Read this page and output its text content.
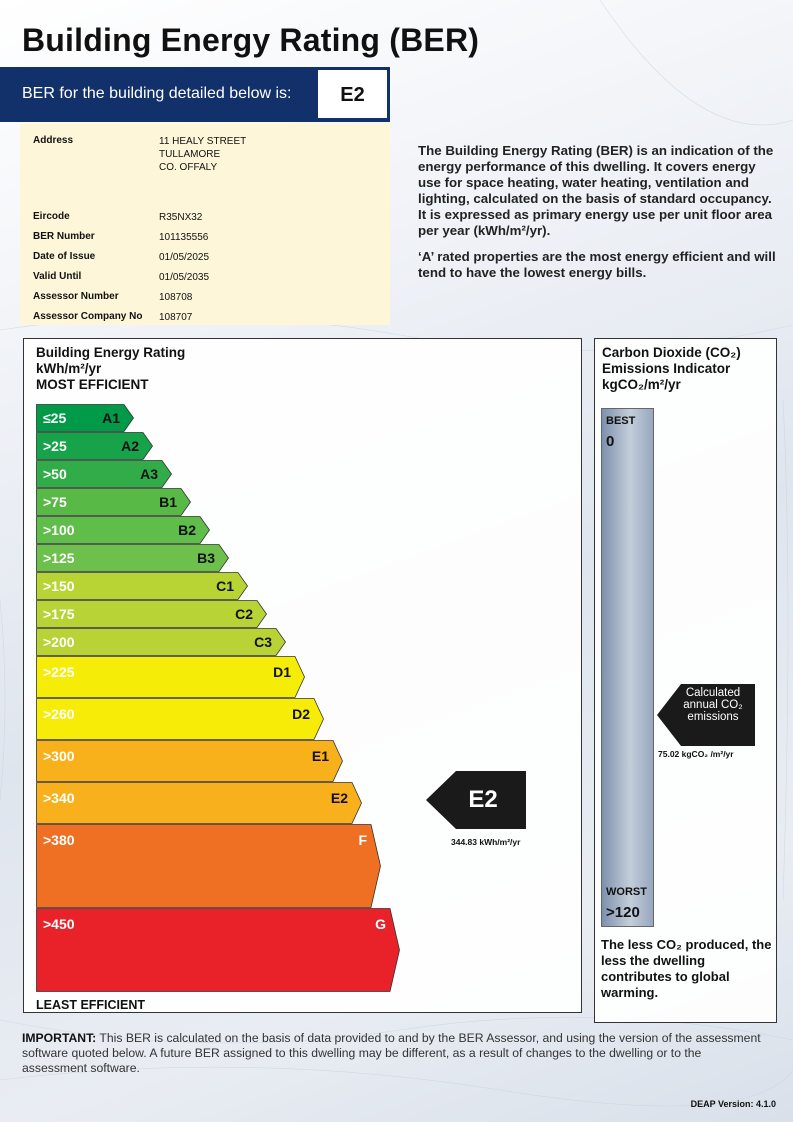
Building Energy Rating (BER)
BER for the building detailed below is:	E2
Address	11 HEALY STREET
TULLAMORE
CO. OFFALY
Eircode	R35NX32
BER Number	101135556
Date of Issue	01/05/2025
Valid Until	01/05/2035
Assessor Number	108708
Assessor Company No	108707

The Building Energy Rating (BER) is an indication of the energy performance of this dwelling. It covers energy use for space heating, water heating, ventilation and lighting, calculated on the basis of standard occupancy. It is expressed as primary energy use per unit floor area per year (kWh/m²/yr).

‘A’ rated properties are the most energy efficient and will tend to have the lowest energy bills.

Building Energy Rating
kWh/m²/yr
MOST EFFICIENT
≤25	A1
>25	A2
>50	A3
>75	B1
>100	B2
>125	B3
>150	C1
>175	C2
>200	C3
>225	D1
>260	D2
>300	E1
>340	E2
>380	F
>450	G
LEAST EFFICIENT
E2
344.83 kWh/m²/yr
Carbon Dioxide (CO₂)
Emissions Indicator
kgCO₂/m²/yr
BEST
0
WORST
>120
Calculated
annual CO₂
emissions
75.02 kgCO₂ /m²/yr
The less CO₂ produced, the less the dwelling contributes to global warming.
IMPORTANT: This BER is calculated on the basis of data provided to and by the BER Assessor, and using the version of the assessment software quoted below. A future BER assigned to this dwelling may be different, as a result of changes to the dwelling or to the assessment software.
DEAP Version: 4.1.0
